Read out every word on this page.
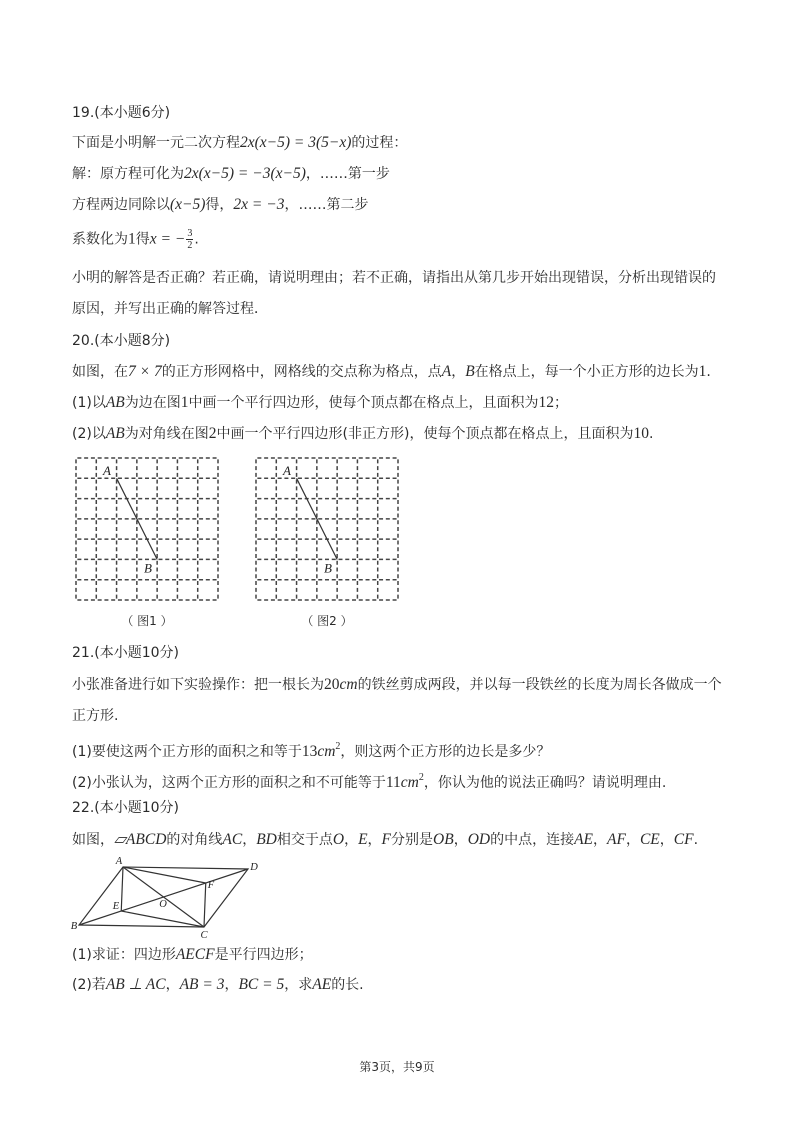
19.(本小题6分)
下面是小明解一元二次方程2x(x−5) = 3(5−x)的过程：
解：原方程可化为2x(x−5) = −3(x−5)，……第一步
方程两边同除以(x−5)得，2x = −3，……第二步
系数化为1得x = − $\frac{3}{2}$ .
小明的解答是否正确？若正确，请说明理由；若不正确，请指出从第几步开始出现错误，分析出现错误的
原因，并写出正确的解答过程．
20.(本小题8分)
如图，在7 × 7的正方形网格中，网格线的交点称为格点，点A，B在格点上，每一个小正方形的边长为1.
(1)以AB为边在图1中画一个平行四边形，使每个顶点都在格点上，且面积为12；
(2)以AB为对角线在图2中画一个平行四边形(非正方形)，使每个顶点都在格点上，且面积为10.
A
B
（ 图1 ）
A
B
（ 图2 ）
21.(本小题10分)
小张准备进行如下实验操作：把一根长为20cm的铁丝剪成两段，并以每一段铁丝的长度为周长各做成一个
正方形.
(1)要使这两个正方形的面积之和等于$13cm^2$，则这两个正方形的边长是多少？
(2)小张认为，这两个正方形的面积之和不可能等于$11cm^2$，你认为他的说法正确吗？请说明理由.
22.(本小题10分)
如图，▱ABCD的对角线AC，BD相交于点O，E，F分别是OB，OD的中点，连接AE，AF，CE，CF.
A
D
F
E	O
B
C
(1)求证：四边形AECF是平行四边形；
(2)若AB ⊥ AC，AB = 3，BC = 5，求AE的长.
第3页，共9页
